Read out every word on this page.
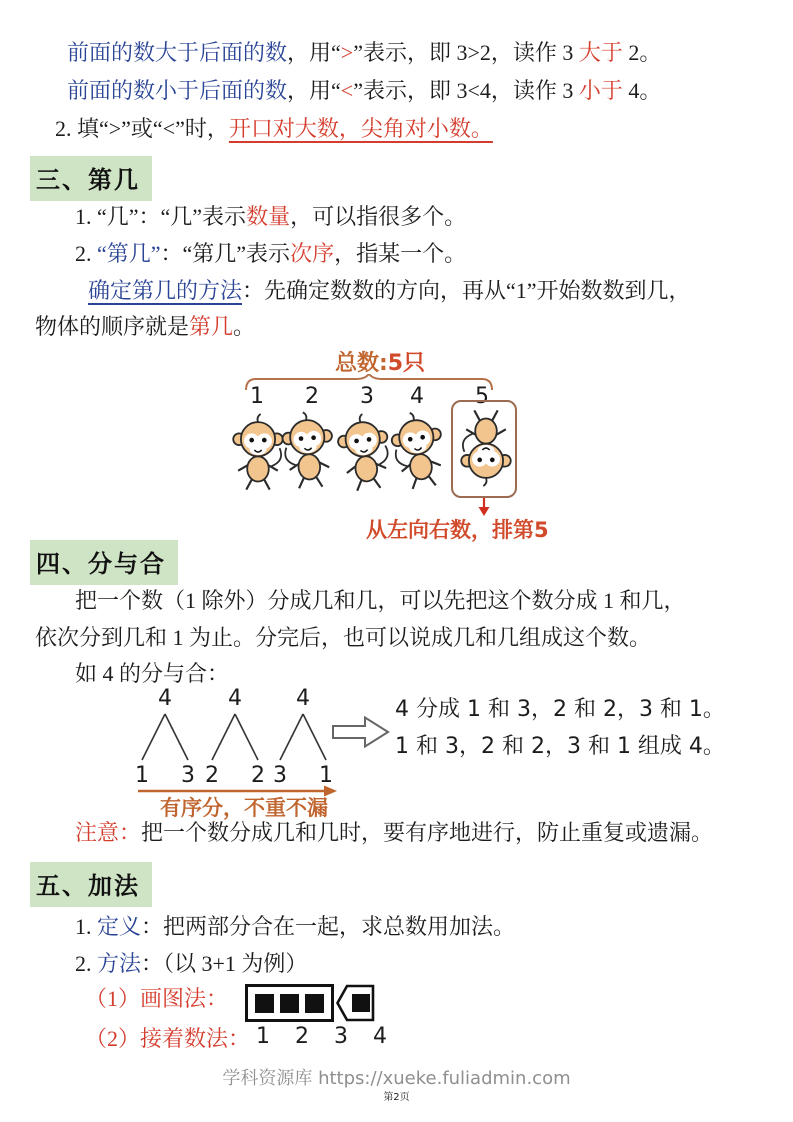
前面的数大于后面的数，用“>”表示，即 3>2，读作 3 大于 2。
前面的数小于后面的数，用“<”表示，即 3<4，读作 3 小于 4。
2. 填“>”或“<”时，开口对大数，尖角对小数。
三、第几
1. “几”：“几”表示数量，可以指很多个。
2. “第几”：“第几”表示次序，指某一个。
确定第几的方法：先确定数数的方向，再从“1”开始数数到几，
物体的顺序就是第几。
总数:5只
1 2 3 4 5
从左向右数，排第5
四、分与合
把一个数（1 除外）分成几和几，可以先把这个数分成 1 和几，
依次分到几和 1 为止。分完后，也可以说成几和几组成这个数。
如 4 的分与合：
4
1 3
4
2 2
4
3 1
有序分，不重不漏
4 分成 1 和 3，2 和 2，3 和 1。
1 和 3，2 和 2，3 和 1 组成 4。
注意：把一个数分成几和几时，要有序地进行，防止重复或遗漏。
五、加法
1. 定义：把两部分合在一起，求总数用加法。
2. 方法：（以 3+1 为例）
（1）画图法：
（2）接着数法： 1 2 3 4
学科资源库 https://xueke.fuliadmin.com
第2页
